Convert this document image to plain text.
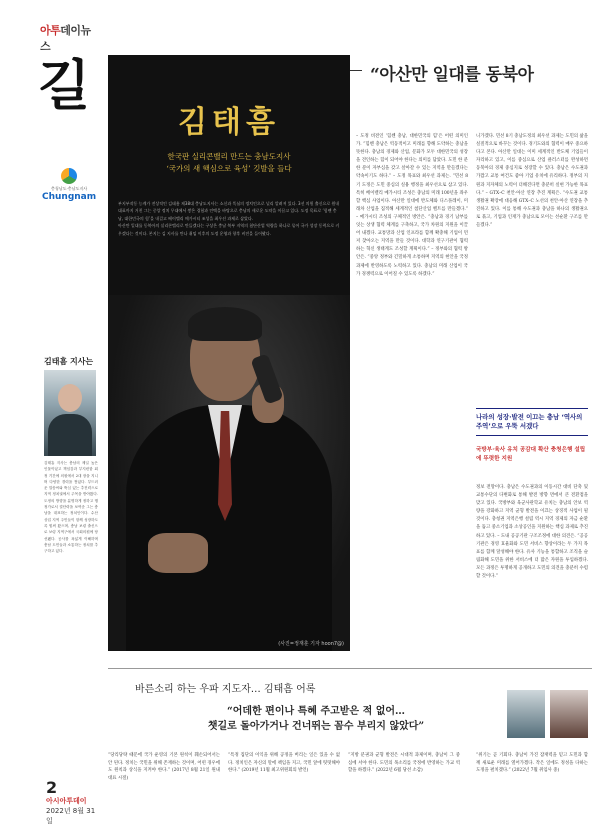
아투데이뉴스
길
충청남도·충남도지사
Chungnam
김태흠 지사는
김태흠 지사는 충남의 제일 높은 인물이었고 책임감과 부지런함 회정 기간에 의원에서 2대 장을 지니며 다양한 경력을 쌓았다. 부드러운 말솜씨와 뚝심 있는 추진력으로 지역 정치권에서 주목을 받아왔다. 도정의 방향을 분명하게 정하고 행정가로서 결단력을 보여준 그는 충남을 대표하는 정치인이다. 수산 상업 지역 주민들이 함께 성장하도록 힘써 왔으며, 충남 보령 출신으로 보령 지역구에서 국회의원에 당선됐다. 공사를 폭넓게 이해하며 충남 도민들과 소통하는 정치를 추구하고 있다.
2
아시아투데이
2022년 8월 31일
“아산만 일대를 동북아
김태흠
한국판 실리콘밸리 만드는 충남도지사
‘국가의 새 핵심으로 육성’ 깃발을 들다

부지부작동 능계가 전상적인 김태흠 제38대 충남도지사는 소신과 뚝심의 정치인으로 널리 알려져 있다. 3선 의원 출신으로 원내대표까지 거친 그는 중앙 정치 무대에서 쌓은 경험과 인맥을 바탕으로 충남의 새로운 도약을 이끌고 있다. 도정 목표로 ‘힘쎈 충남, 대한민국의 힘’을 내걸고 베이밸리 메가시티 조성을 최우선 과제로 삼았다.

아산만 일대를 동북아의 실리콘밸리로 만들겠다는 구상은 충남 북부 지역의 첨단산업 역량을 하나로 묶어 국가 성장 동력으로 키우겠다는 것이다. 본지는 김 지사를 만나 취임 이후의 도정 운영과 향후 비전을 들어봤다.

(사진=정재훈 기자 hoon7@)

– 도정 비전인 ‘힘쎈 충남, 대한민국의 힘’은 어떤 의미인가. “힘쎈 충남은 역동적이고 미래를 향해 도약하는 충남을 뜻한다. 충남의 경제와 산업, 문화가 모두 대한민국의 성장을 견인하는 힘이 되어야 한다는 의미를 담았다. 도민 한 분 한 분이 자부심을 갖고 살아갈 수 있는 지역을 만들겠다는 약속이기도 하다.” – 도정 목표와 최우선 과제는. “민선 8기 도정은 도민 중심의 실용 행정을 최우선으로 삼고 있다. 특히 베이밸리 메가시티 조성은 충남의 미래 100년을 좌우할 핵심 사업이다. 아산만 일대에 반도체와 디스플레이, 미래차 산업을 집적해 세계적인 첨단산업 벨트를 만들겠다.” – 메가시티 조성의 구체적인 방안은. “충남과 경기 남부를 잇는 상생 협력 체계를 구축하고, 국가 차원의 지원을 이끌어 내겠다. 교통망과 산업 인프라를 함께 확충해 기업이 먼저 찾아오는 지역을 만들 것이다. 대학과 연구기관이 협력하는 혁신 생태계도 조성할 계획이다.” – 정부와의 협력 방안은. “중앙 정부와 긴밀하게 소통하며 지역의 현안을 국정 과제에 반영하도록 노력하고 있다. 충남의 미래 산업이 국가 경쟁력으로 이어질 수 있도록 하겠다.”

니가겠다. 민선 8기 충남도정의 최우선 과제는 도민의 삶을 실질적으로 바꾸는 것이다. 경기도와의 협력이 매우 중요하다고 본다. 아산만 일대는 이미 세계적인 반도체 기업들이 자리하고 있고, 이를 중심으로 산업 클러스터를 완성하면 동북아의 경제 중심지로 성장할 수 있다. 충남은 수도권과 가깝고 교통 여건도 좋아 기업 유치에 유리하다. 정부의 지원과 지자체의 노력이 더해진다면 충분히 실현 가능한 목표다.” – GTX–C 천안·아산 연장 추진 계획은. “수도권 교통 생활권 확장에 대응해 GTX–C 노선의 천안·아산 연장을 추진하고 있다. 이를 통해 수도권과 충남을 하나의 생활권으로 묶고, 기업과 인재가 충남으로 모이는 선순환 구조를 만들겠다.”

나라의 성장·발전 이끄는 충남 ‘역사의 주역’으로 우뚝 서겠다
국방부·육사 유치 공감대 확산 충청은행 설립에 뚜렷한 지원

정보 전망이다. 충남은 수도권과의 이동시간 대비 단축 및 교통수단의 다변화로 통해 발전 방향 면에서 큰 전환점을 맞고 있다. 국방부와 육군사관학교 유치는 충남의 안보 역량을 강화하고 지역 균형 발전을 이끄는 상징적 사업이 될 것이다. 충청권 지역은행 설립 역시 지역 경제의 자금 순환을 돕고 중소기업과 소상공인을 지원하는 핵심 과제로 추진하고 있다. – 도내 공공기관 구조조정에 대한 의견은. “공공기관은 경영 효율화와 도민 서비스 향상이라는 두 가지 목표를 함께 달성해야 한다. 유사 기능을 통합하고 조직을 슬림화해 도민을 위한 서비스에 더 많은 자원을 투입하겠다. 모든 과정은 투명하게 공개하고 도민의 의견을 충분히 수렴할 것이다.”

바른소리 하는 우파 지도자… 김태흠 어록
“어데한 편이나 특혜 주고받은 적 없어…
챗길로 돌아가거나 건너뛰는 꼼수 부리지 않았다”

“당리당략 때문에 국가 운영의 기본 원칙이 훼손되어서는 안 된다. 정치는 국민을 위해 존재하는 것이며, 어떤 경우에도 원칙과 상식을 지켜야 한다.” (2017년 8월 21일 원내대표 시절)

“특정 집단의 이익을 위해 공정을 버리는 일은 있을 수 없다. 정치인은 자신의 말에 책임을 지고, 국민 앞에 떳떳해야 한다.” (2019년 11월 최고위원회의 발언)

“지방 분권과 균형 발전은 시대적 과제이며, 충남이 그 중심에 서야 한다. 도민의 목소리를 국정에 반영하는 가교 역할을 하겠다.” (2022년 6월 당선 소감)

“위기는 곧 기회다. 충남이 가진 잠재력을 믿고 도민과 함께 새로운 미래를 열어가겠다. 작은 일에도 정성을 다하는 도정을 펼치겠다.” (2022년 7월 취임사 중)
